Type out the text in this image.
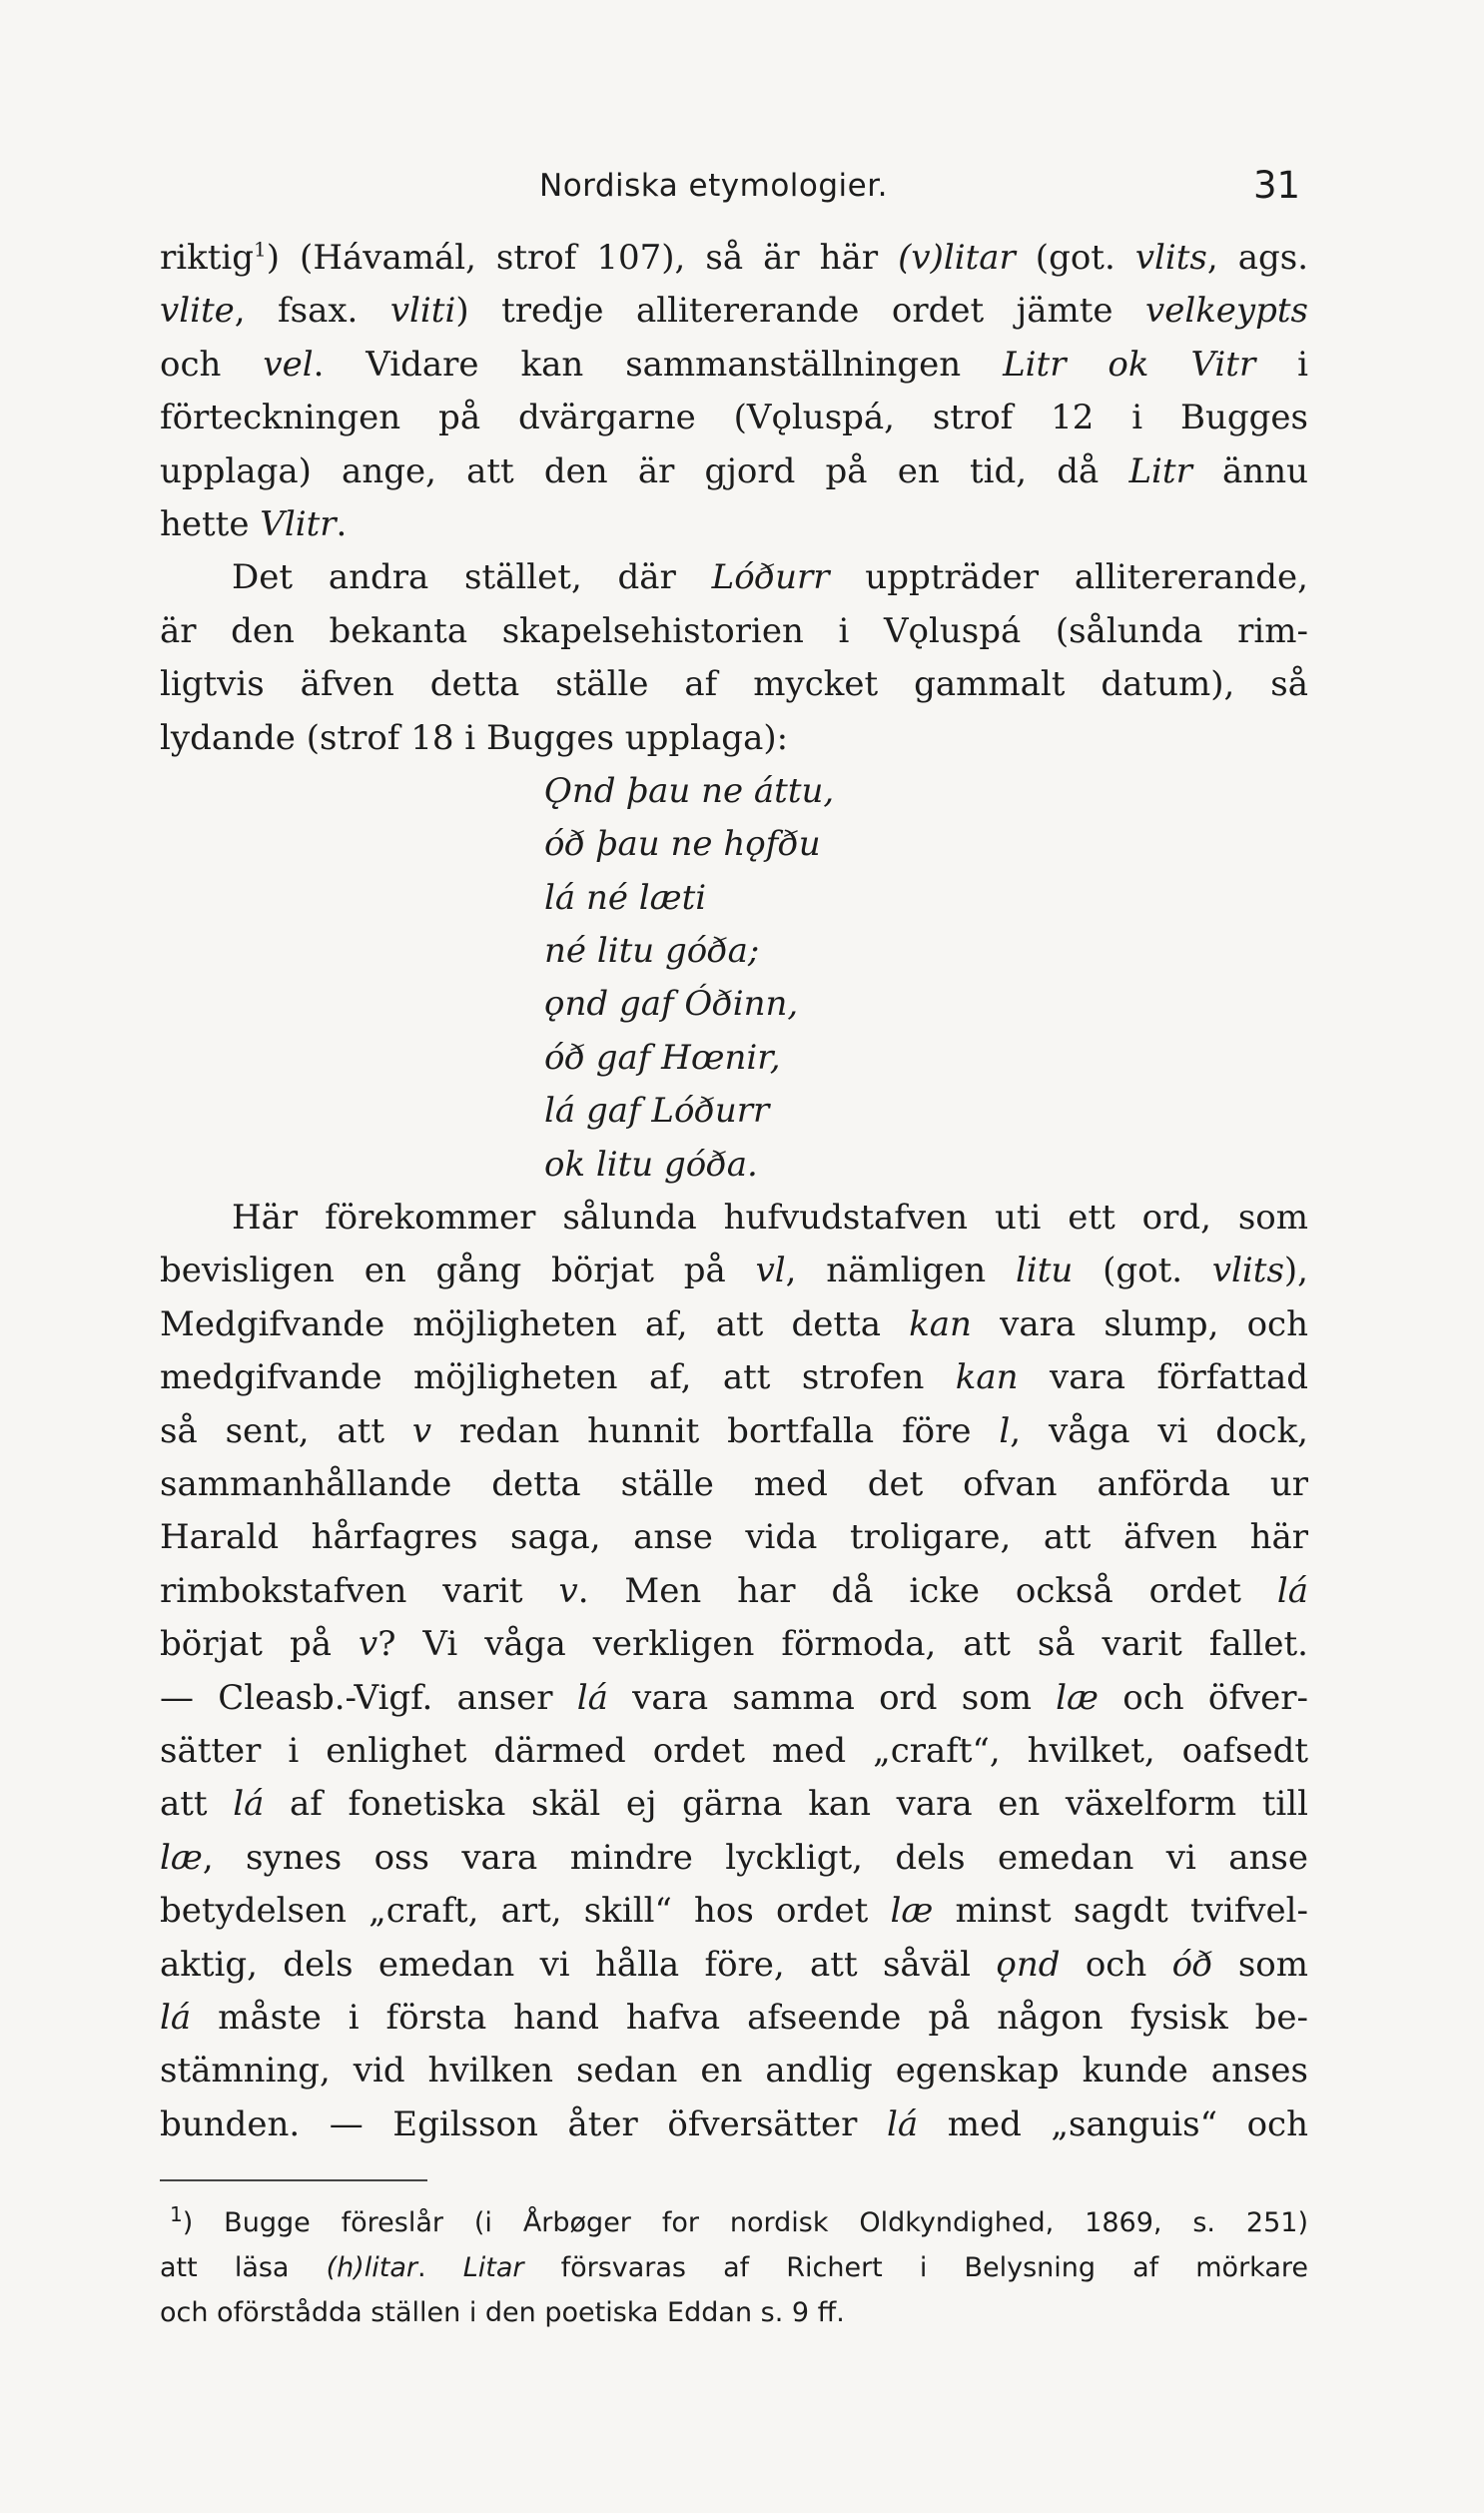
Nordiska etymologier.	31
riktig$^1$) (Hávamál, strof 107), så är här (v)litar (got. vlits, ags.
vlite, fsax. vliti) tredje allitererande ordet jämte velkeypts
och vel. Vidare kan sammanställningen Litr ok Vitr i
förteckningen på dvärgarne (Vǫluspá, strof 12 i Bugges
upplaga) ange, att den är gjord på en tid, då Litr ännu
hette Vlitr.
Det andra stället, där Lóðurr uppträder allitererande,
är den bekanta skapelsehistorien i Vǫluspá (sålunda rim-
ligtvis äfven detta ställe af mycket gammalt datum), så
lydande (strof 18 i Bugges upplaga):
Ǫnd þau ne áttu,
óð þau ne hǫfðu
lá né læti
né litu góða;
ǫnd gaf Óðinn,
óð gaf Hœnir,
lá gaf Lóðurr
ok litu góða.
Här förekommer sålunda hufvudstafven uti ett ord, som
bevisligen en gång börjat på vl, nämligen litu (got. vlits),
Medgifvande möjligheten af, att detta kan vara slump, och
medgifvande möjligheten af, att strofen kan vara författad
så sent, att v redan hunnit bortfalla före l, våga vi dock,
sammanhållande detta ställe med det ofvan anförda ur
Harald hårfagres saga, anse vida troligare, att äfven här
rimbokstafven varit v. Men har då icke också ordet lá
börjat på v? Vi våga verkligen förmoda, att så varit fallet.
— Cleasb.-Vigf. anser lá vara samma ord som læ och öfver-
sätter i enlighet därmed ordet med „craft“, hvilket, oafsedt
att lá af fonetiska skäl ej gärna kan vara en växelform till
læ, synes oss vara mindre lyckligt, dels emedan vi anse
betydelsen „craft, art, skill“ hos ordet læ minst sagdt tvifvel-
aktig, dels emedan vi hålla före, att såväl ǫnd och óð som
lá måste i första hand hafva afseende på någon fysisk be-
stämning, vid hvilken sedan en andlig egenskap kunde anses
bunden. — Egilsson åter öfversätter lá med „sanguis“ och
$^1$) Bugge föreslår (i Årbøger for nordisk Oldkyndighed, 1869, s. 251)
att läsa (h)litar. Litar försvaras af Richert i Belysning af mörkare
och oförstådda ställen i den poetiska Eddan s. 9 ff.
